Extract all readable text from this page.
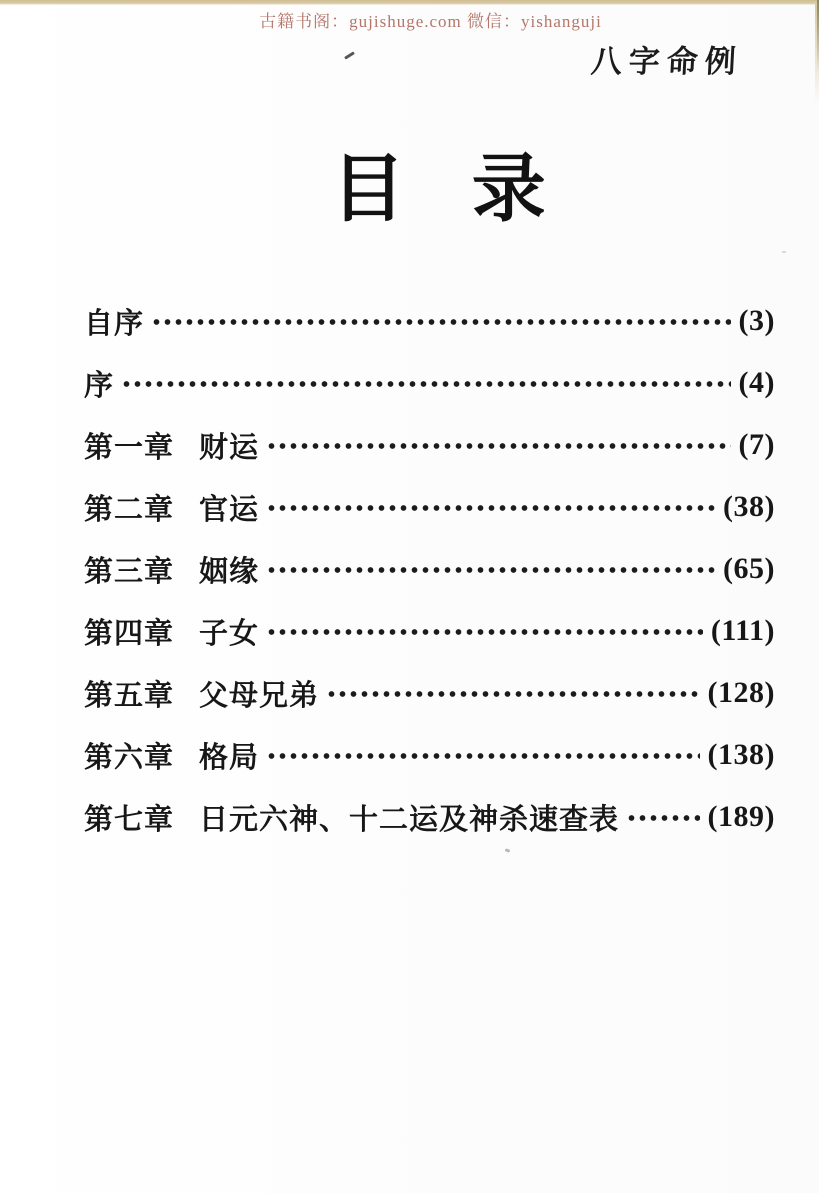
古籍书阁：gujishuge.com 微信：yishanguji
八字命例
目 录
自序	(3)
序	(4)
第一章 财运	(7)
第二章 官运	(38)
第三章 姻缘	(65)
第四章 子女	(111)
第五章 父母兄弟	(128)
第六章 格局	(138)
第七章 日元六神、十二运及神杀速查表	(189)
